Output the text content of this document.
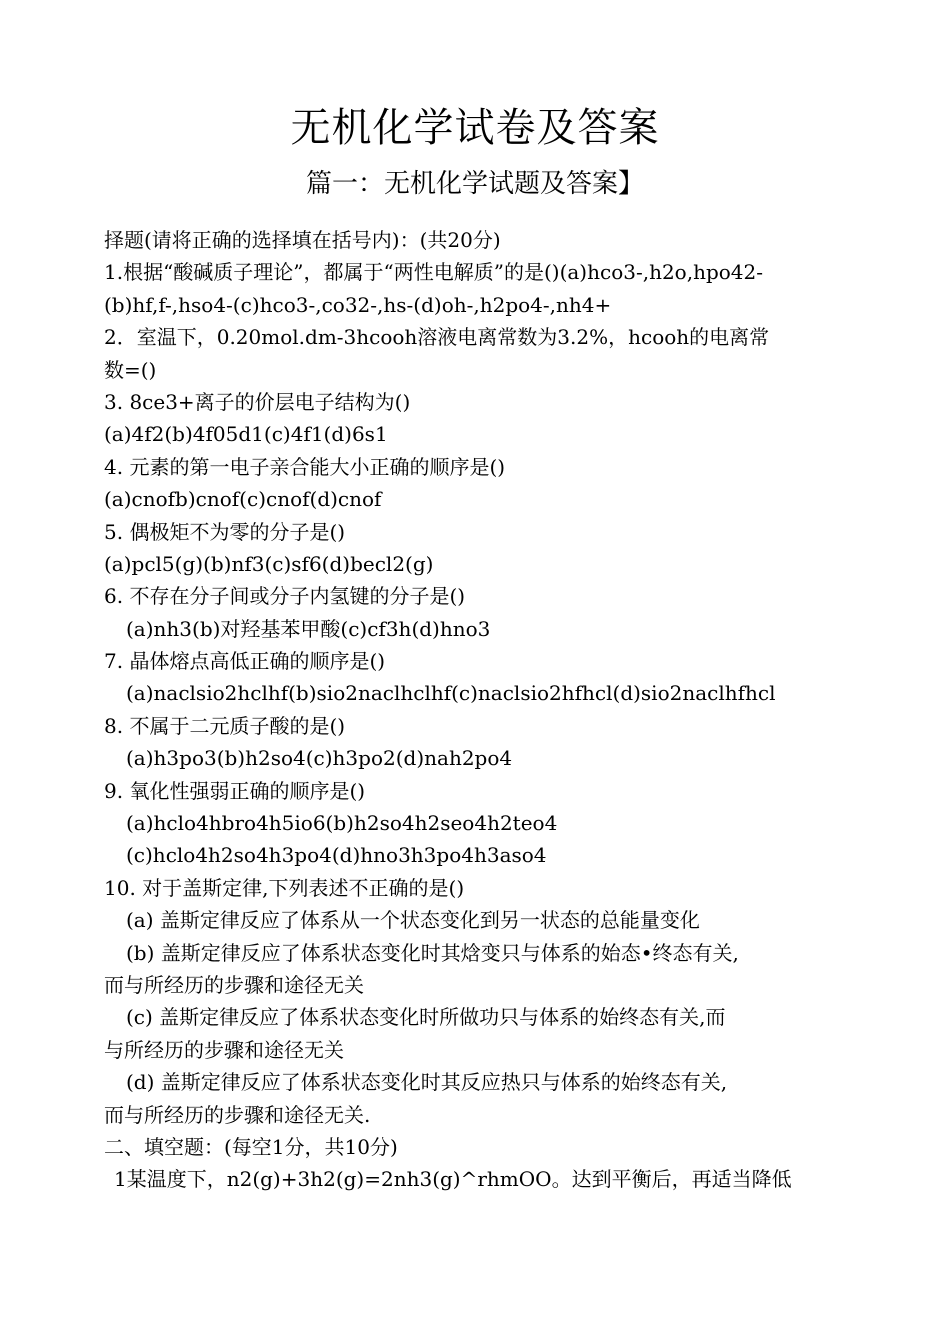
无机化学试卷及答案
篇一：无机化学试题及答案】
择题(请将正确的选择填在括号内)：(共20分)
1.根据“酸碱质子理论”，都属于“两性电解质”的是()(a)hco3-,h2o,hpo42-
(b)hf,f-,hso4-(c)hco3-,co32-,hs-(d)oh-,h2po4-,nh4+
2．室温下，0.20mol.dm-3hcooh溶液电离常数为3.2%，hcooh的电离常
数=()
3. 8ce3+离子的价层电子结构为()
(a)4f2(b)4f05d1(c)4f1(d)6s1
4. 元素的第一电子亲合能大小正确的顺序是()
(a)cnofb)cnof(c)cnof(d)cnof
5. 偶极矩不为零的分子是()
(a)pcl5(g)(b)nf3(c)sf6(d)becl2(g)
6. 不存在分子间或分子内氢键的分子是()
(a)nh3(b)对羟基苯甲酸(c)cf3h(d)hno3
7. 晶体熔点高低正确的顺序是()
(a)naclsio2hclhf(b)sio2naclhclhf(c)naclsio2hfhcl(d)sio2naclhfhcl
8. 不属于二元质子酸的是()
(a)h3po3(b)h2so4(c)h3po2(d)nah2po4
9. 氧化性强弱正确的顺序是()
(a)hclo4hbro4h5io6(b)h2so4h2seo4h2teo4
(c)hclo4h2so4h3po4(d)hno3h3po4h3aso4
10. 对于盖斯定律,下列表述不正确的是()
(a) 盖斯定律反应了体系从一个状态变化到另一状态的总能量变化
(b) 盖斯定律反应了体系状态变化时其焓变只与体系的始态•终态有关,
而与所经历的步骤和途径无关
(c) 盖斯定律反应了体系状态变化时所做功只与体系的始终态有关,而
与所经历的步骤和途径无关
(d) 盖斯定律反应了体系状态变化时其反应热只与体系的始终态有关,
而与所经历的步骤和途径无关.
二、填空题：(每空1分，共10分)
1某温度下，n2(g)+3h2(g)=2nh3(g)^rhmOO。达到平衡后，再适当降低
